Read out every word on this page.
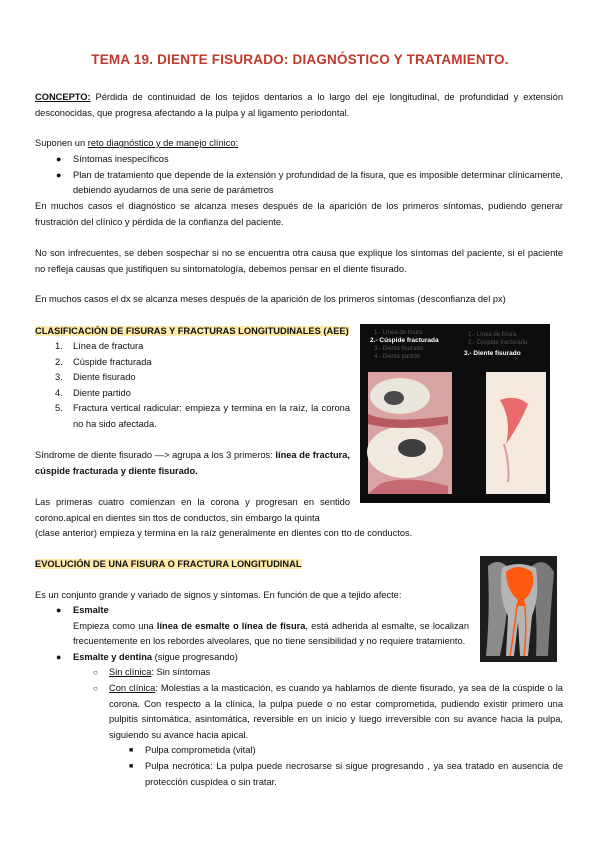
TEMA 19. DIENTE FISURADO: DIAGNÓSTICO Y TRATAMIENTO.

CONCEPTO: Pérdida de continuidad de los tejidos dentarios a lo largo del eje longitudinal, de profundidad y extensión desconocidas, que progresa afectando a la pulpa y al ligamento periodontal.

Suponen un reto diagnóstico y de manejo clínico:

● Síntomas inespecíficos
● Plan de tratamiento que depende de la extensión y profundidad de la fisura, que es imposible determinar clínicamente, debiendo ayudarnos de una serie de parámetros

En muchos casos el diagnóstico se alcanza meses después de la aparición de los primeros síntomas, pudiendo generar frustración del clínico y pérdida de la confianza del paciente.

No son infrecuentes, se deben sospechar si no se encuentra otra causa que explique los síntomas del paciente, si el paciente no refleja causas que justifiquen su sintomatología, debemos pensar en el diente fisurado.

En muchos casos el dx se alcanza meses después de la aparición de los primeros síntomas (desconfianza del px)

CLASIFICACIÓN DE FISURAS Y FRACTURAS LONGITUDINALES (AEE)
1. Línea de fractura
2. Cúspide fracturada
3. Diente fisurado
4. Diente partido
5. Fractura vertical radicular: empieza y termina en la raíz, la corona no ha sido afectada.

Síndrome de diente fisurado —> agrupa a los 3 primeros: línea de fractura, cúspide fracturada y diente fisurado.

Las primeras cuatro comienzan en la corona y progresan en sentido corono.apical en dientes sin ttos de conductos, sin embargo la quinta

(clase anterior) empieza y termina en la raíz generalmente en dientes con tto de conductos.

1.- Línea de fisura
2.- Cúspide fracturada
3.- Diente fisurado
4.- Diente partido
1.- Línea de fisura
2.- Cúspide fracturada
3.- Diente fisurado
EVOLUCIÓN DE UNA FISURA O FRACTURA LONGITUDINAL

Es un conjunto grande y variado de signos y síntomas. En función de que a tejido afecte:

● Esmalte
Empieza como una línea de esmalte o línea de fisura, está adherida al esmalte, se localizan frecuentemente en los rebordes alveolares, que no tiene sensibilidad y no requiere tratamiento.
● Esmalte y dentina (sigue progresando)
○ Sin clínica: Sin síntomas
○ Con clínica: Molestias a la masticación, es cuando ya hablamos de diente fisurado, ya sea de la cúspide o la corona. Con respecto a la clínica, la pulpa puede o no estar comprometida, pudiendo existir primero una pulpitis sintomática, asintomática, reversible en un inicio y luego irreversible con su avance hacia la pulpa, siguiendo su avance hacia apical.
■ Pulpa comprometida (vital)
■ Pulpa necrótica: La pulpa puede necrosarse si sigue progresando , ya sea tratado en ausencia de protección cuspídea o sin tratar.
